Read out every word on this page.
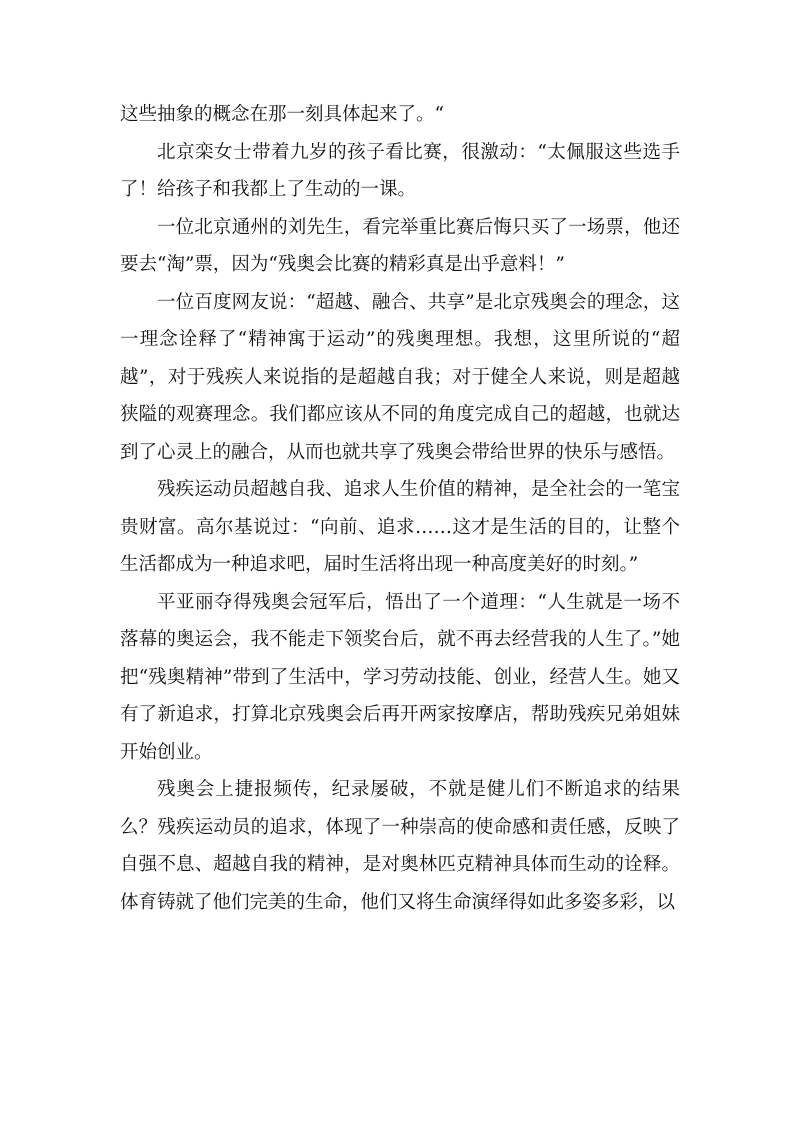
这些抽象的概念在那一刻具体起来了。“

北京栾女士带着九岁的孩子看比赛，很激动：“太佩服这些选手了！给孩子和我都上了生动的一课。

一位北京通州的刘先生，看完举重比赛后悔只买了一场票，他还要去“淘”票，因为“残奥会比赛的精彩真是出乎意料！”

一位百度网友说：“超越、融合、共享”是北京残奥会的理念，这一理念诠释了“精神寓于运动”的残奥理想。我想，这里所说的“超越”，对于残疾人来说指的是超越自我；对于健全人来说，则是超越狭隘的观赛理念。我们都应该从不同的角度完成自己的超越，也就达到了心灵上的融合，从而也就共享了残奥会带给世界的快乐与感悟。

残疾运动员超越自我、追求人生价值的精神，是全社会的一笔宝贵财富。高尔基说过：“向前、追求……这才是生活的目的，让整个生活都成为一种追求吧，届时生活将出现一种高度美好的时刻。”

平亚丽夺得残奥会冠军后，悟出了一个道理：“人生就是一场不落幕的奥运会，我不能走下领奖台后，就不再去经营我的人生了。”她把“残奥精神”带到了生活中，学习劳动技能、创业，经营人生。她又有了新追求，打算北京残奥会后再开两家按摩店，帮助残疾兄弟姐妹开始创业。

残奥会上捷报频传，纪录屡破，不就是健儿们不断追求的结果么？残疾运动员的追求，体现了一种崇高的使命感和责任感，反映了自强不息、超越自我的精神，是对奥林匹克精神具体而生动的诠释。体育铸就了他们完美的生命，他们又将生命演绎得如此多姿多彩，以
